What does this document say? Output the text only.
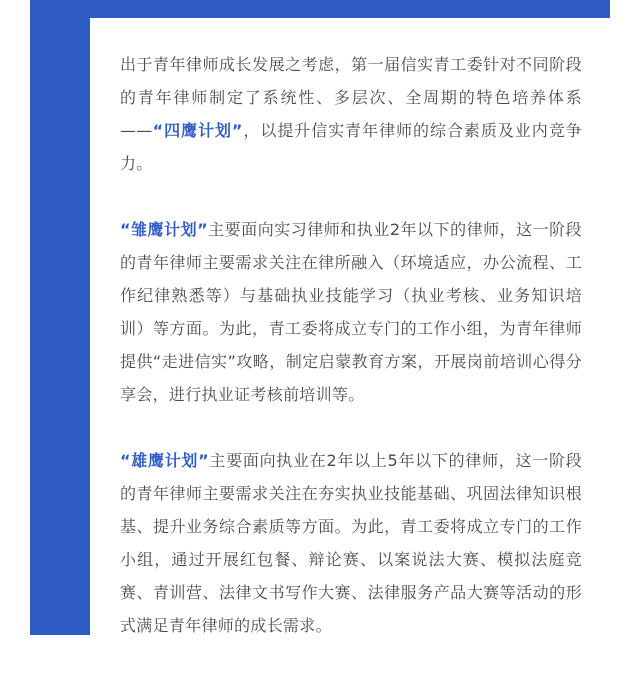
出于青年律师成长发展之考虑，第一届信实青工委针对不同阶段的青年律师制定了系统性、多层次、全周期的特色培养体系——“四鹰计划”，以提升信实青年律师的综合素质及业内竞争力。

“雏鹰计划”主要面向实习律师和执业2年以下的律师，这一阶段的青年律师主要需求关注在律所融入（环境适应，办公流程、工作纪律熟悉等）与基础执业技能学习（执业考核、业务知识培训）等方面。为此，青工委将成立专门的工作小组，为青年律师提供“走进信实”攻略，制定启蒙教育方案，开展岗前培训心得分享会，进行执业证考核前培训等。

“雄鹰计划”主要面向执业在2年以上5年以下的律师，这一阶段的青年律师主要需求关注在夯实执业技能基础、巩固法律知识根基、提升业务综合素质等方面。为此，青工委将成立专门的工作小组，通过开展红包餐、辩论赛、以案说法大赛、模拟法庭竞赛、青训营、法律文书写作大赛、法律服务产品大赛等活动的形式满足青年律师的成长需求。
